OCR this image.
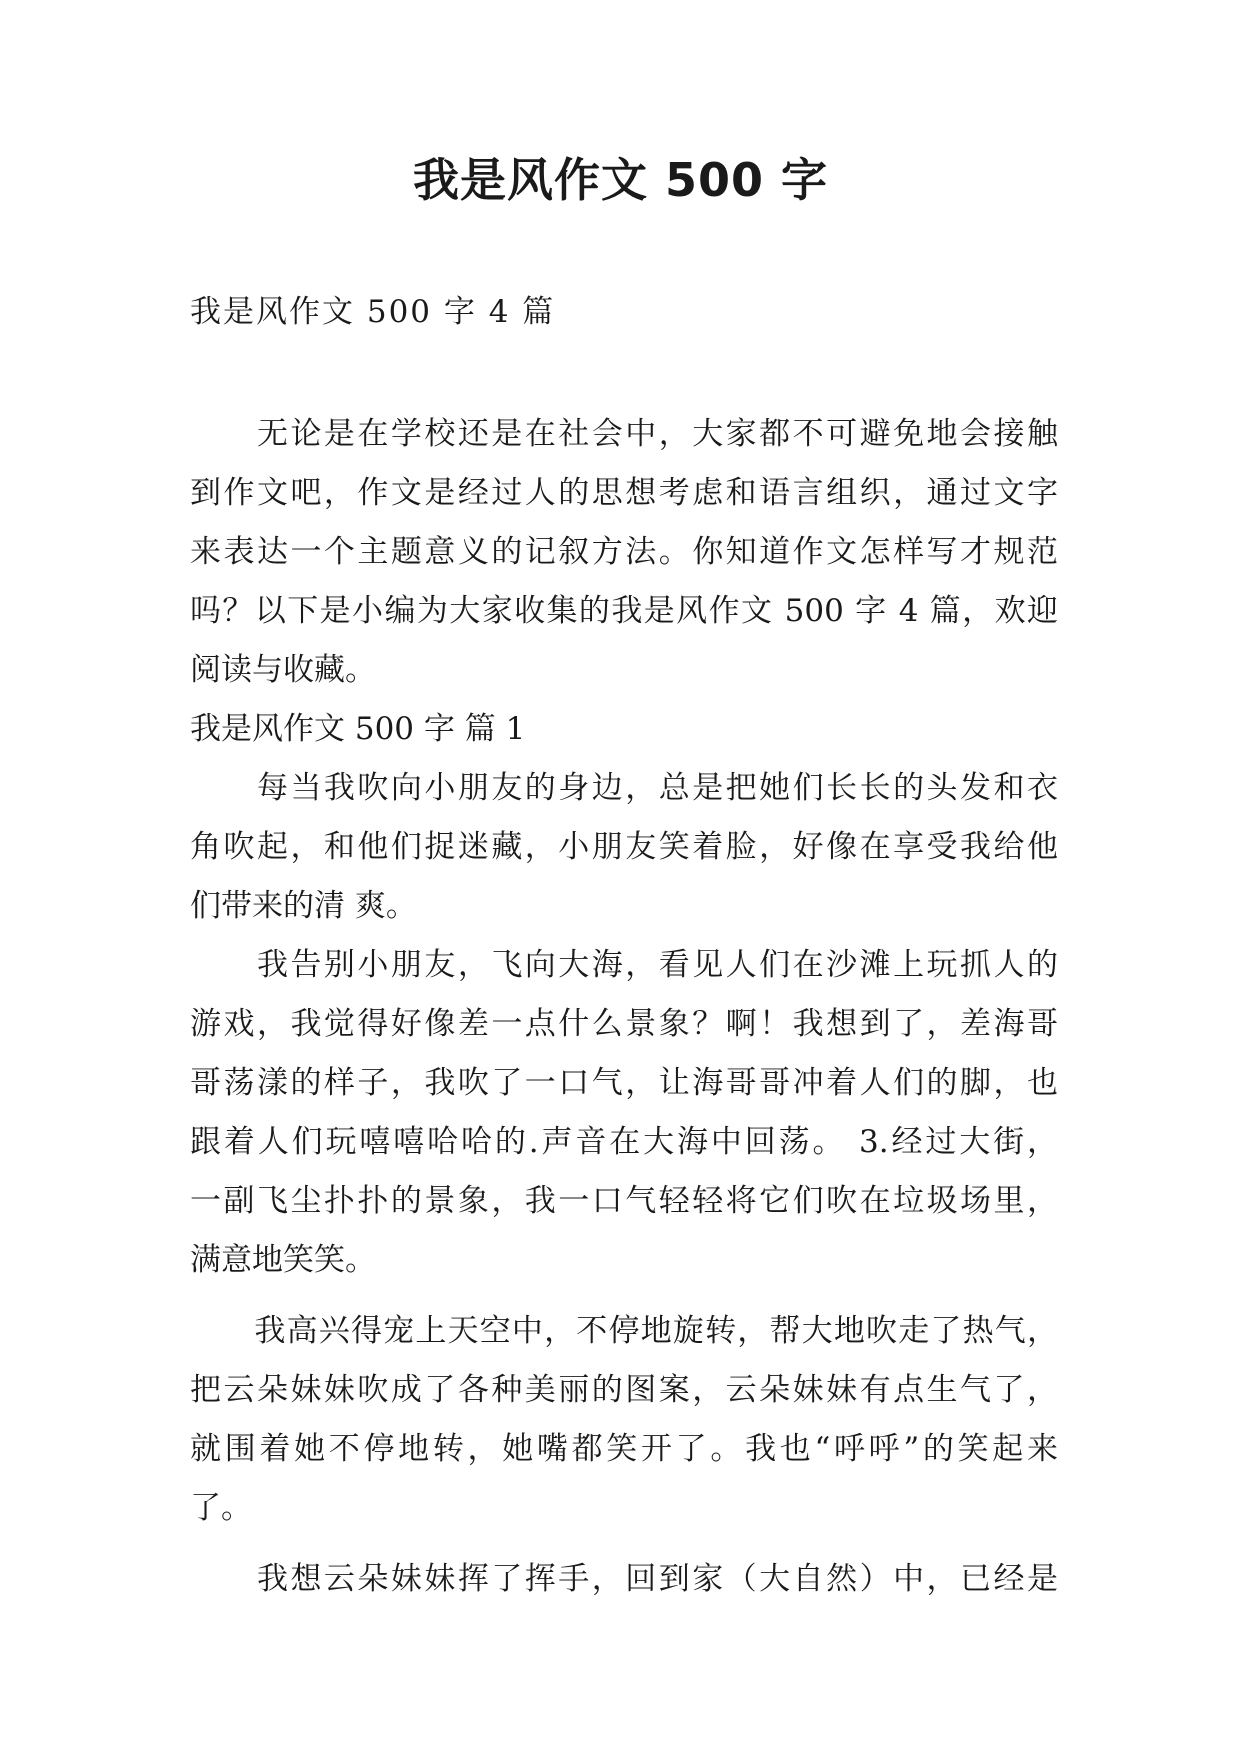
我是风作文 500 字
我是风作文 500 字 4 篇
　　无论是在学校还是在社会中，大家都不可避免地会接触
到作文吧，作文是经过人的思想考虑和语言组织，通过文字
来表达一个主题意义的记叙方法。你知道作文怎样写才规范
吗？以下是小编为大家收集的我是风作文 500 字 4 篇，欢迎
阅读与收藏。
我是风作文 500 字 篇 1
　　每当我吹向小朋友的身边，总是把她们长长的头发和衣
角吹起，和他们捉迷藏，小朋友笑着脸，好像在享受我给他
们带来的清 爽。
　　我告别小朋友，飞向大海，看见人们在沙滩上玩抓人的
游戏，我觉得好像差一点什么景象？啊！我想到了，差海哥
哥荡漾的样子，我吹了一口气，让海哥哥冲着人们的脚，也
跟着人们玩嘻嘻哈哈的.声音在大海中回荡。 3.经过大街，
一副飞尘扑扑的景象，我一口气轻轻将它们吹在垃圾场里，
满意地笑笑。
　　我高兴得宠上天空中，不停地旋转，帮大地吹走了热气，
把云朵妹妹吹成了各种美丽的图案，云朵妹妹有点生气了，
就围着她不停地转，她嘴都笑开了。我也“呼呼”的笑起来
了。
　　我想云朵妹妹挥了挥手，回到家（大自然）中，已经是
